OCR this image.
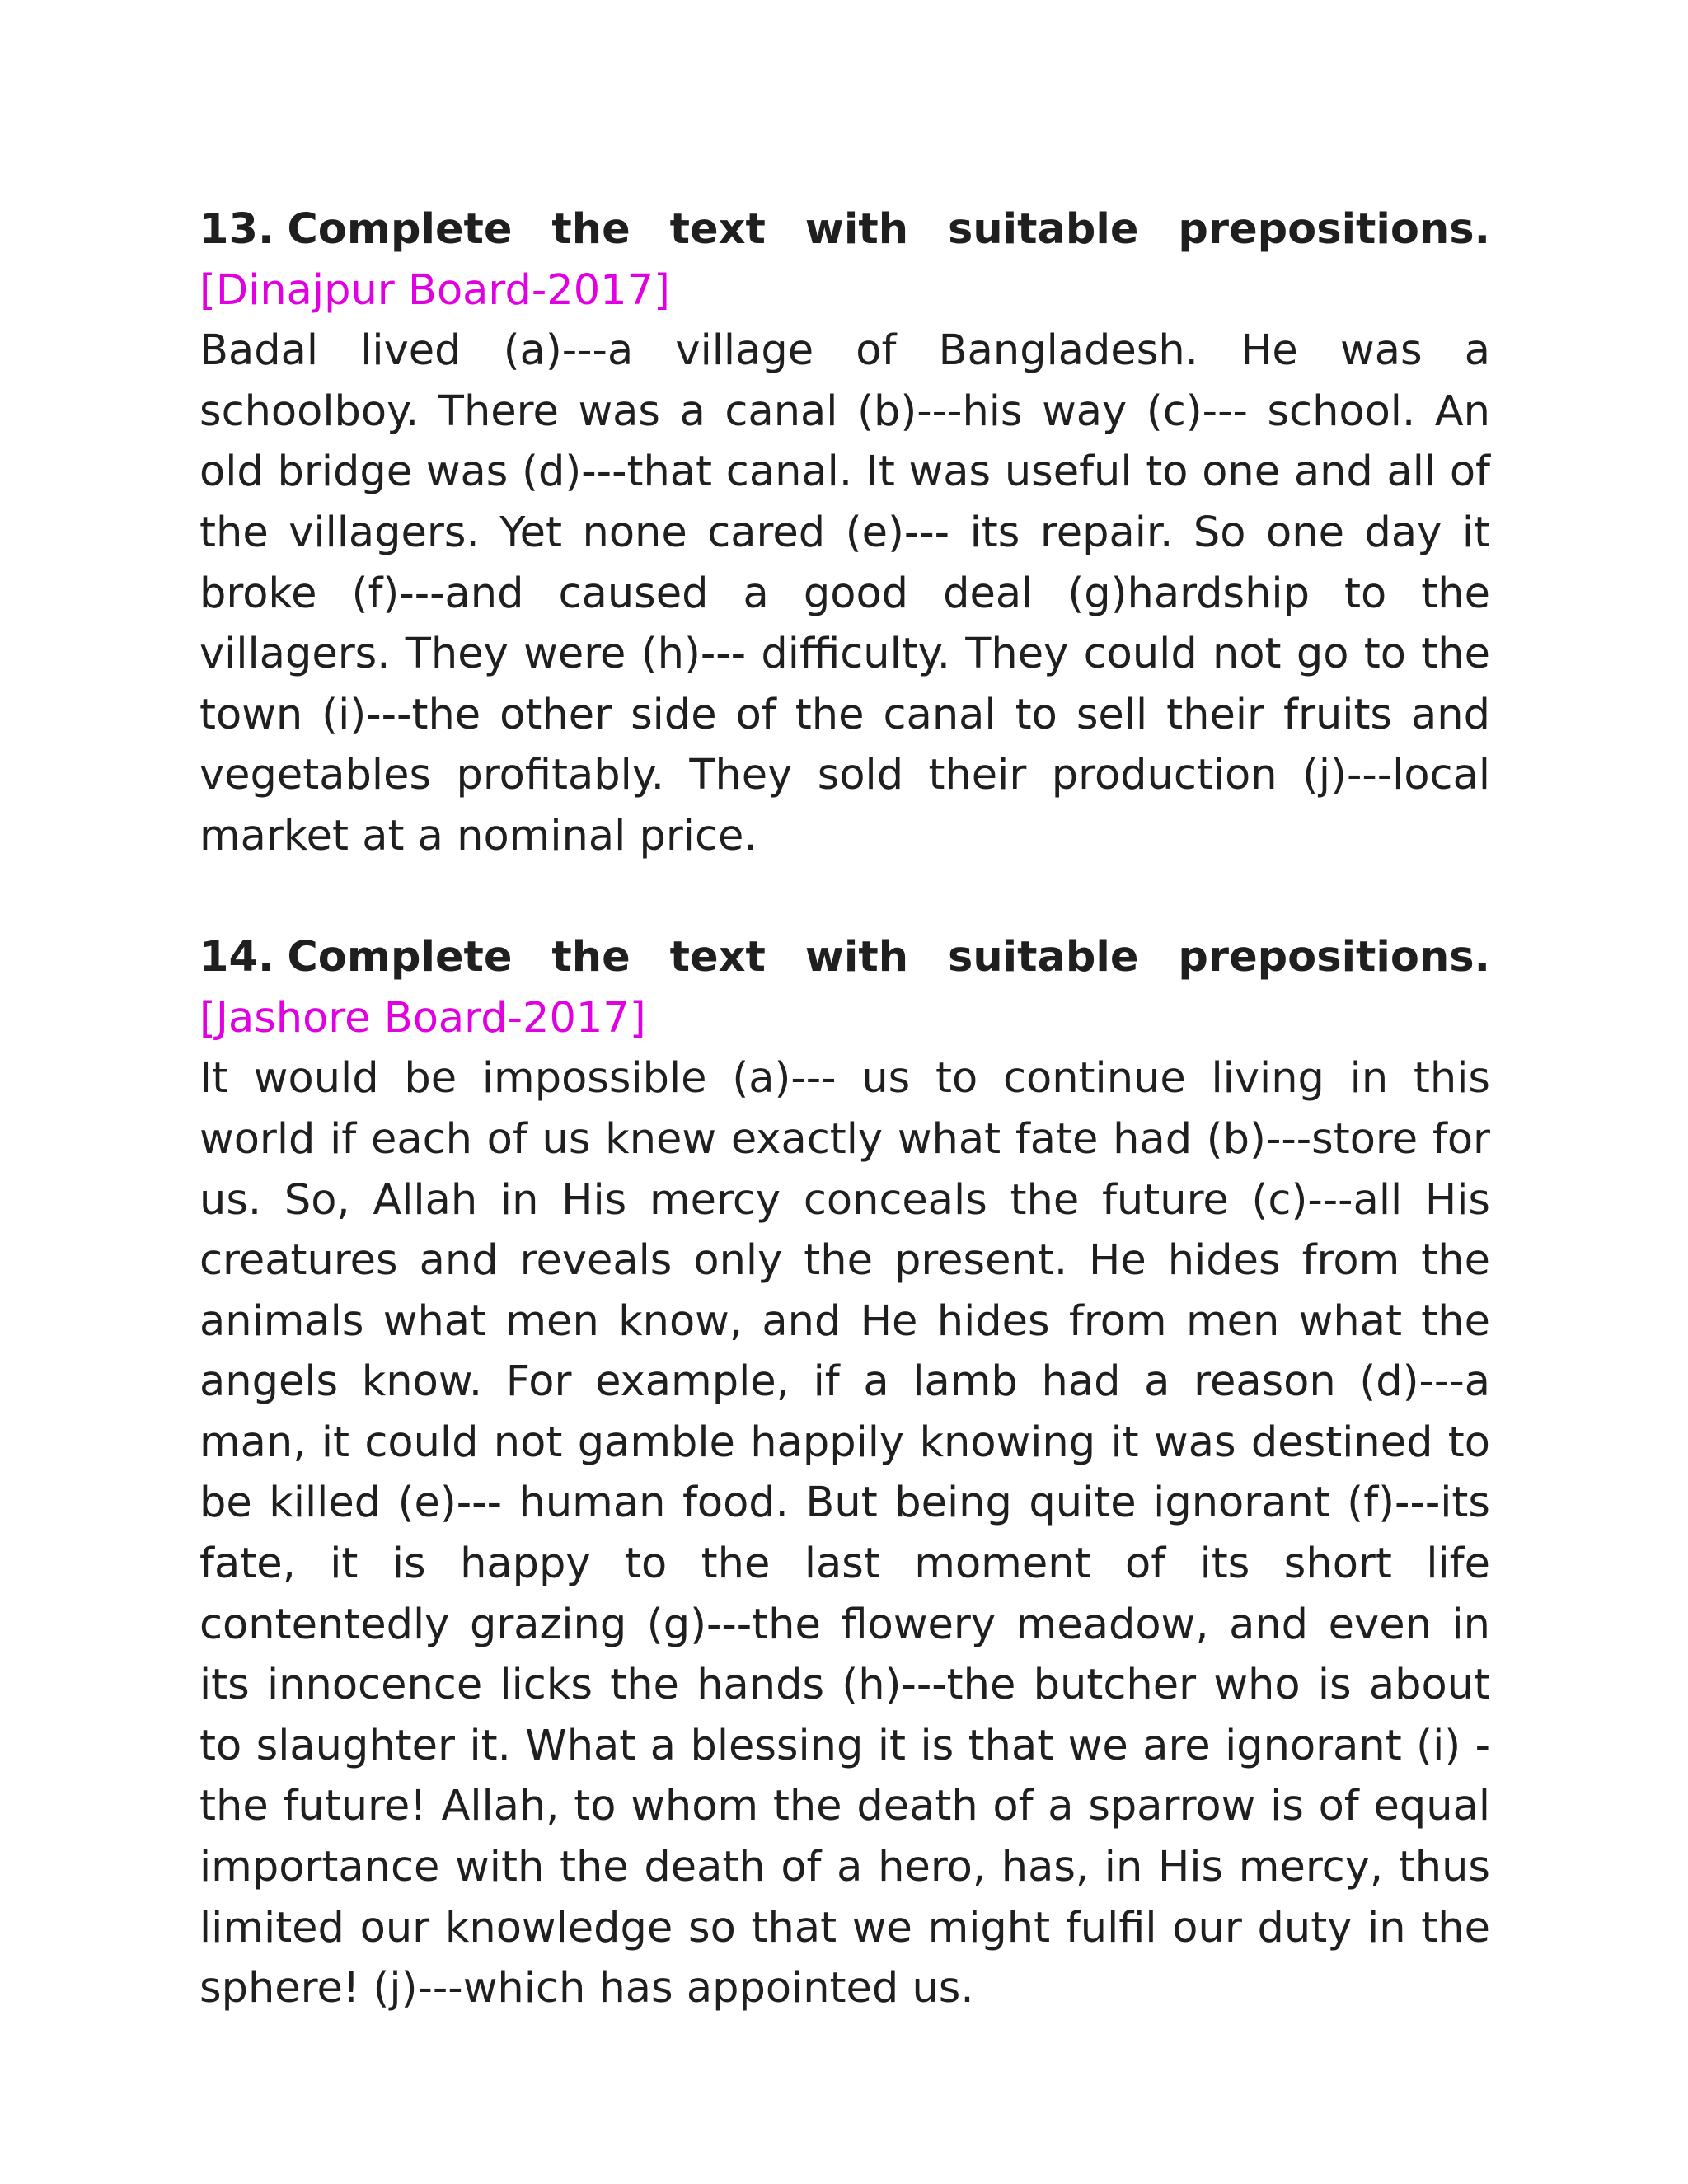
13. Complete the text with suitable prepositions. [Dinajpur Board-2017]

Badal lived (a)---a village of Bangladesh. He was a schoolboy. There was a canal (b)---his way (c)--- school. An old bridge was (d)---that canal. It was useful to one and all of the villagers. Yet none cared (e)--- its repair. So one day it broke (f)---and caused a good deal (g)hardship to the villagers. They were (h)--- difficulty. They could not go to the town (i)---the other side of the canal to sell their fruits and vegetables profitably. They sold their production (j)---local market at a nominal price.

14. Complete the text with suitable prepositions. [Jashore Board-2017]

It would be impossible (a)--- us to continue living in this world if each of us knew exactly what fate had (b)---store for us. So, Allah in His mercy conceals the future (c)---all His creatures and reveals only the present. He hides from the animals what men know, and He hides from men what the angels know. For example, if a lamb had a reason (d)---a man, it could not gamble happily knowing it was destined to be killed (e)--- human food. But being quite ignorant (f)---its fate, it is happy to the last moment of its short life contentedly grazing (g)---the flowery meadow, and even in its innocence licks the hands (h)---the butcher who is about to slaughter it. What a blessing it is that we are ignorant (i) - the future! Allah, to whom the death of a sparrow is of equal importance with the death of a hero, has, in His mercy, thus limited our knowledge so that we might fulfil our duty in the sphere! (j)---which has appointed us.
